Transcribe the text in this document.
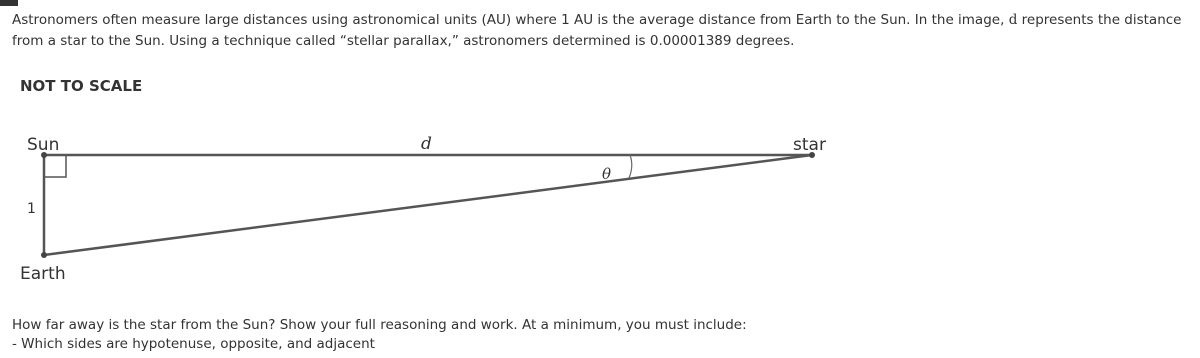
Astronomers often measure large distances using astronomical units (AU) where 1 AU is the average distance from Earth to the Sun. In the image, d represents the distance from a star to the Sun. Using a technique called “stellar parallax,” astronomers determined is 0.00001389 degrees.
NOT TO SCALE
Sun	star
Earth
d
1
θ
How far away is the star from the Sun? Show your full reasoning and work. At a minimum, you must include:
- Which sides are hypotenuse, opposite, and adjacent
